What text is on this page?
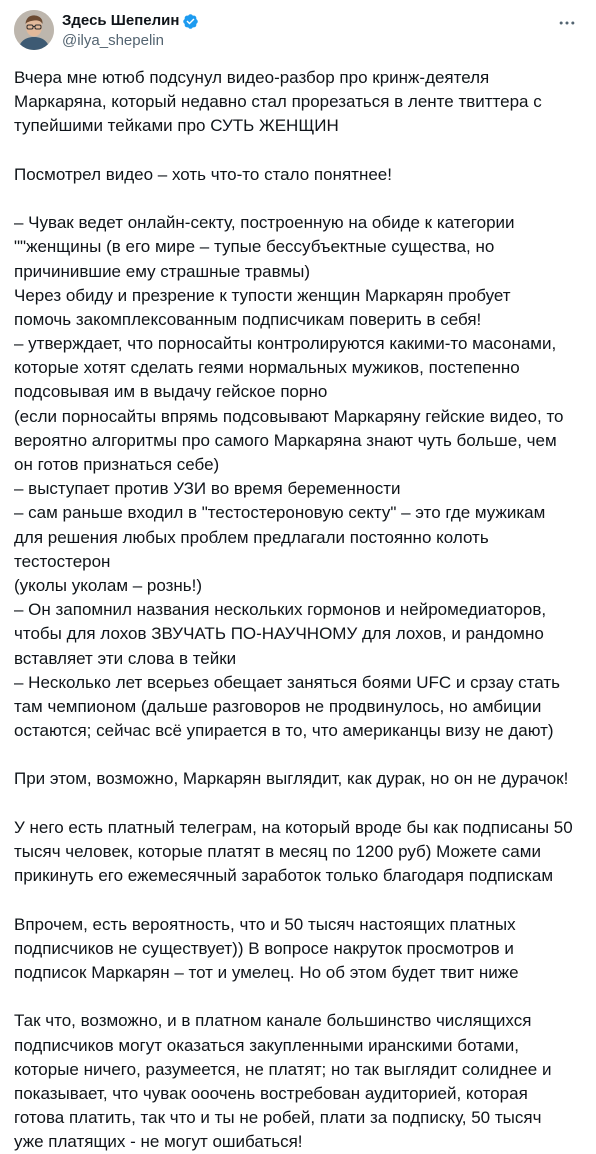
Здесь Шепелин
@ilya_shepelin
Вчера мне ютюб подсунул видео-разбор про кринж-деятеля
Маркаряна, который недавно стал прорезаться в ленте твиттера с
тупейшими тейками про СУТЬ ЖЕНЩИН
Посмотрел видео – хоть что-то стало понятнее!
– Чувак ведет онлайн-секту, построенную на обиде к категории
""женщины (в его мире – тупые бессубъектные существа, но
причинившие ему страшные травмы)
Через обиду и презрение к тупости женщин Маркарян пробует
помочь закомплексованным подписчикам поверить в себя!
– утверждает, что порносайты контролируются какими-то масонами,
которые хотят сделать геями нормальных мужиков, постепенно
подсовывая им в выдачу гейское порно
(если порносайты впрямь подсовывают Маркаряну гейские видео, то
вероятно алгоритмы про самого Маркаряна знают чуть больше, чем
он готов признаться себе)
– выступает против УЗИ во время беременности
– сам раньше входил в "тестостероновую секту" – это где мужикам
для решения любых проблем предлагали постоянно колоть
тестостерон
(уколы уколам – рознь!)
– Он запомнил названия нескольких гормонов и нейромедиаторов,
чтобы для лохов ЗВУЧАТЬ ПО-НАУЧНОМУ для лохов, и рандомно
вставляет эти слова в тейки
– Несколько лет всерьез обещает заняться боями UFC и срзау стать
там чемпионом (дальше разговоров не продвинулось, но амбиции
остаются; сейчас всё упирается в то, что американцы визу не дают)
При этом, возможно, Маркарян выглядит, как дурак, но он не дурачок!
У него есть платный телеграм, на который вроде бы как подписаны 50
тысяч человек, которые платят в месяц по 1200 руб) Можете сами
прикинуть его ежемесячный заработок только благодаря подпискам
Впрочем, есть вероятность, что и 50 тысяч настоящих платных
подписчиков не существует)) В вопросе накруток просмотров и
подписок Маркарян – тот и умелец. Но об этом будет твит ниже
Так что, возможно, и в платном канале большинство числящихся
подписчиков могут оказаться закупленными иранскими ботами,
которые ничего, разумеется, не платят; но так выглядит солиднее и
показывает, что чувак ооочень востребован аудиторией, которая
готова платить, так что и ты не робей, плати за подписку, 50 тысяч
уже платящих - не могут ошибаться!
